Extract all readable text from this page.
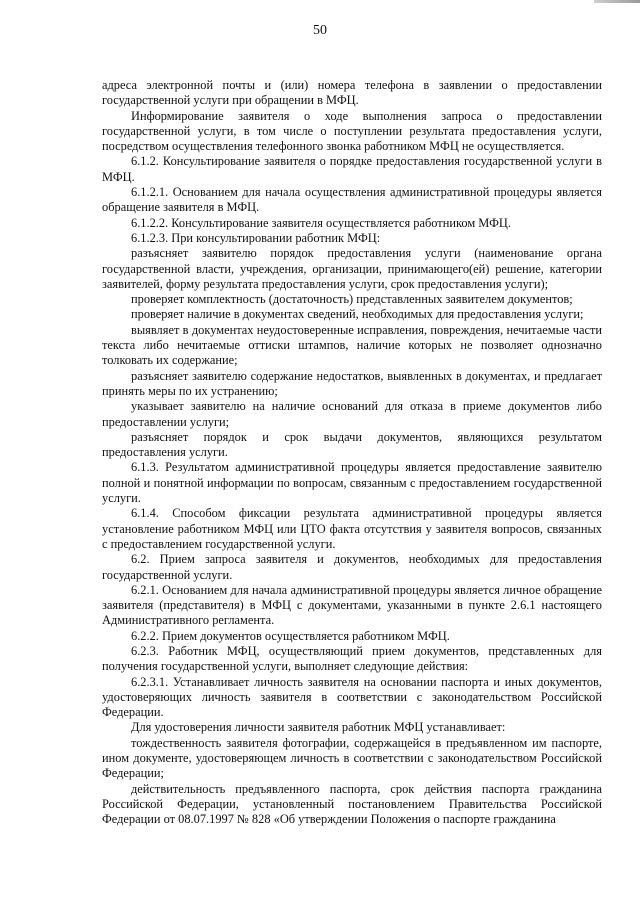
50

адреса электронной почты и (или) номера телефона в заявлении о предоставлении государственной услуги при обращении в МФЦ.

Информирование заявителя о ходе выполнения запроса о предоставлении государственной услуги, в том числе о поступлении результата предоставления услуги, посредством осуществления телефонного звонка работником МФЦ не осуществляется.

6.1.2. Консультирование заявителя о порядке предоставления государственной услуги в МФЦ.

6.1.2.1. Основанием для начала осуществления административной процедуры является обращение заявителя в МФЦ.

6.1.2.2. Консультирование заявителя осуществляется работником МФЦ.

6.1.2.3. При консультировании работник МФЦ:

разъясняет заявителю порядок предоставления услуги (наименование органа государственной власти, учреждения, организации, принимающего(ей) решение, категории заявителей, форму результата предоставления услуги, срок предоставления услуги);

проверяет комплектность (достаточность) представленных заявителем документов;

проверяет наличие в документах сведений, необходимых для предоставления услуги;

выявляет в документах неудостоверенные исправления, повреждения, нечитаемые части текста либо нечитаемые оттиски штампов, наличие которых не позволяет однозначно толковать их содержание;

разъясняет заявителю содержание недостатков, выявленных в документах, и предлагает принять меры по их устранению;

указывает заявителю на наличие оснований для отказа в приеме документов либо предоставлении услуги;

разъясняет порядок и срок выдачи документов, являющихся результатом предоставления услуги.

6.1.3. Результатом административной процедуры является предоставление заявителю полной и понятной информации по вопросам, связанным с предоставлением государственной услуги.

6.1.4. Способом фиксации результата административной процедуры является установление работником МФЦ или ЦТО факта отсутствия у заявителя вопросов, связанных с предоставлением государственной услуги.

6.2. Прием запроса заявителя и документов, необходимых для предоставления государственной услуги.

6.2.1. Основанием для начала административной процедуры является личное обращение заявителя (представителя) в МФЦ с документами, указанными в пункте 2.6.1 настоящего Административного регламента.

6.2.2. Прием документов осуществляется работником МФЦ.

6.2.3. Работник МФЦ, осуществляющий прием документов, представленных для получения государственной услуги, выполняет следующие действия:

6.2.3.1. Устанавливает личность заявителя на основании паспорта и иных документов, удостоверяющих личность заявителя в соответствии с законодательством Российской Федерации.

Для удостоверения личности заявителя работник МФЦ устанавливает:

тождественность заявителя фотографии, содержащейся в предъявленном им паспорте, ином документе, удостоверяющем личность в соответствии с законодательством Российской Федерации;

действительность предъявленного паспорта, срок действия паспорта гражданина Российской Федерации, установленный постановлением Правительства Российской Федерации от 08.07.1997 № 828 «Об утверждении Положения о паспорте гражданина
